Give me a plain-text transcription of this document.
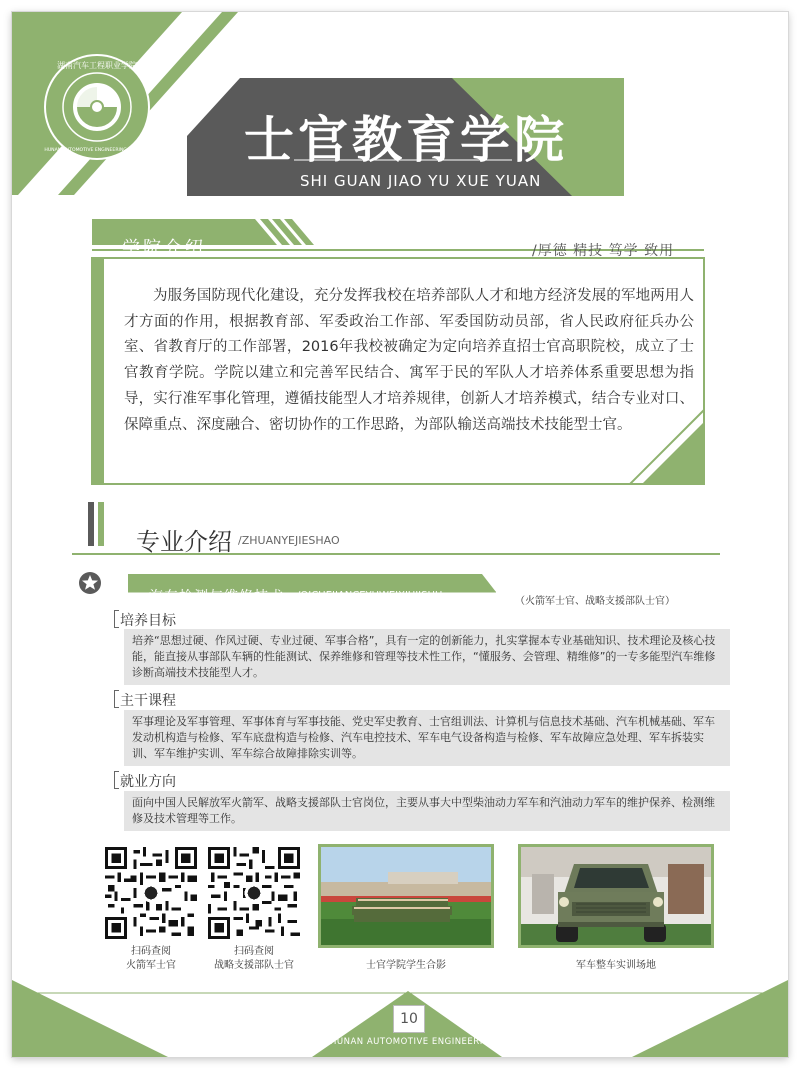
湖南汽车工程职业学院
HUNAN AUTOMOTIVE ENGINEERING COLLEGE 士官教育学院
SHI GUAN JIAO YU XUE YUAN
学院介绍	/厚德 精技 笃学 致用
为服务国防现代化建设，充分发挥我校在培养部队人才和地方经济发展的军地两用人才方面的作用，根据教育部、军委政治工作部、军委国防动员部，省人民政府征兵办公室、省教育厅的工作部署，2016年我校被确定为定向培养直招士官高职院校，成立了士官教育学院。学院以建立和完善军民结合、寓军于民的军队人才培养体系重要思想为指导，实行准军事化管理，遵循技能型人才培养规律，创新人才培养模式，结合专业对口、保障重点、深度融合、密切协作的工作思路，为部队输送高端技术技能型士官。
专业介绍 /ZHUANYEJIESHAO
汽车检测与维修技术 /QICHEJIANCEYUWEIXIUJISHU
（火箭军士官、战略支援部队士官）
培养目标
培养“思想过硬、作风过硬、专业过硬、军事合格”，具有一定的创新能力，扎实掌握本专业基础知识、技术理论及核心技能，能直接从事部队车辆的性能测试、保养维修和管理等技术性工作，“懂服务、会管理、精维修”的一专多能型汽车维修诊断高端技术技能型人才。
主干课程
军事理论及军事管理、军事体育与军事技能、党史军史教育、士官组训法、计算机与信息技术基础、汽车机械基础、军车发动机构造与检修、军车底盘构造与检修、汽车电控技术、军车电气设备构造与检修、军车故障应急处理、军车拆装实训、军车维护实训、军车综合故障排除实训等。
就业方向
面向中国人民解放军火箭军、战略支援部队士官岗位，主要从事大中型柴油动力军车和汽油动力军车的维护保养、检测维修及技术管理等工作。
扫码查阅
火箭军士官
扫码查阅
战略支援部队士官	士官学院学生合影	军车整车实训场地
10
HUNAN AUTOMOTIVE ENGINEERING COLLEGE
